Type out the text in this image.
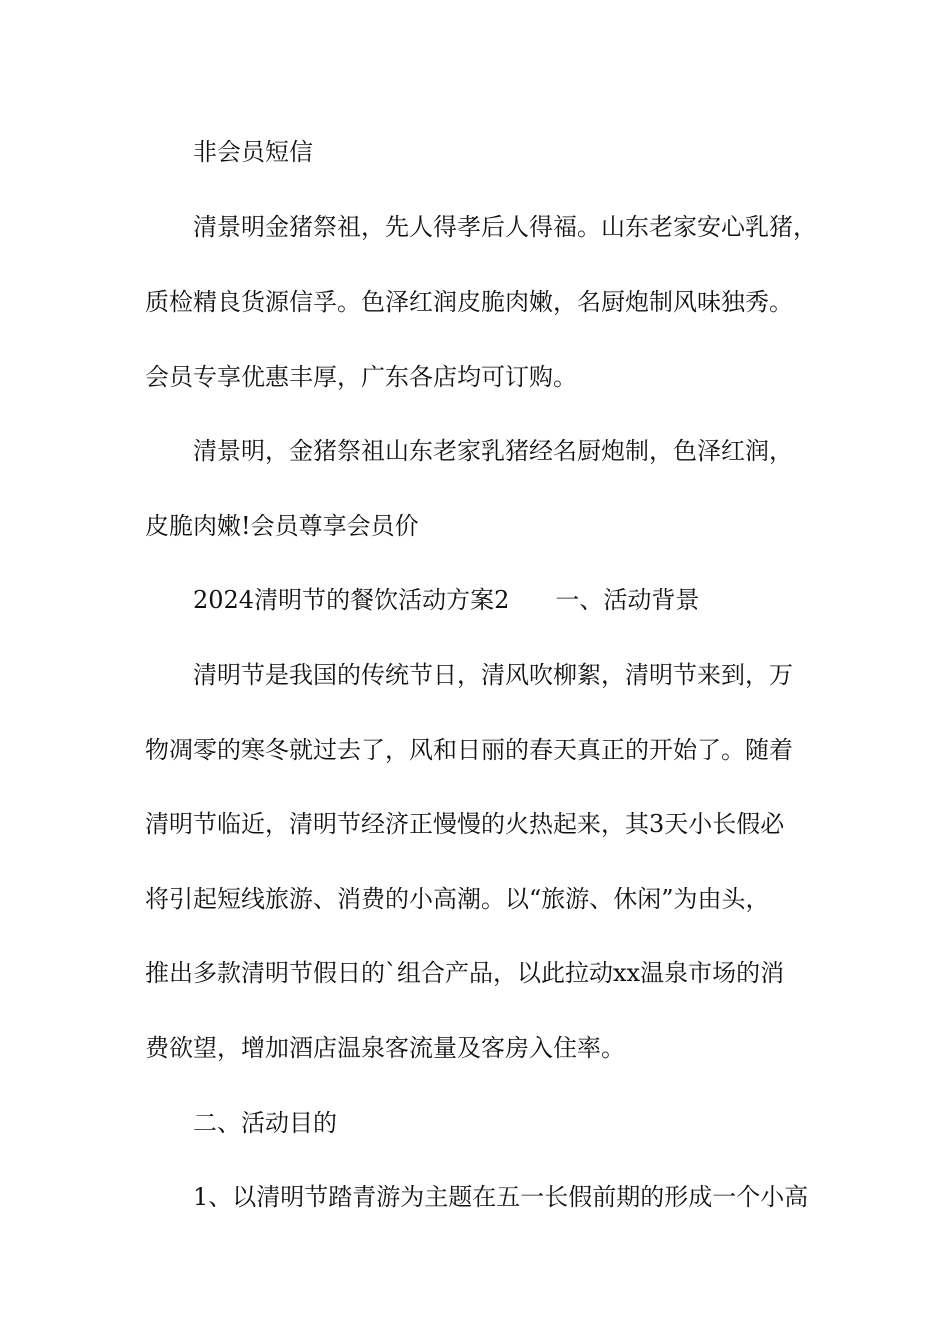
非会员短信

清景明金猪祭祖，先人得孝后人得福。山东老家安心乳猪，

质检精良货源信孚。色泽红润皮脆肉嫩，名厨炮制风味独秀。

会员专享优惠丰厚，广东各店均可订购。

清景明，金猪祭祖山东老家乳猪经名厨炮制，色泽红润，

皮脆肉嫩!会员尊享会员价

2024清明节的餐饮活动方案2 一、活动背景

清明节是我国的传统节日，清风吹柳絮，清明节来到，万

物凋零的寒冬就过去了，风和日丽的春天真正的开始了。随着

清明节临近，清明节经济正慢慢的火热起来，其3天小长假必

将引起短线旅游、消费的小高潮。以“旅游、休闲”为由头，

推出多款清明节假日的`组合产品，以此拉动xx温泉市场的消

费欲望，增加酒店温泉客流量及客房入住率。

二、活动目的

1、以清明节踏青游为主题在五一长假前期的形成一个小高
